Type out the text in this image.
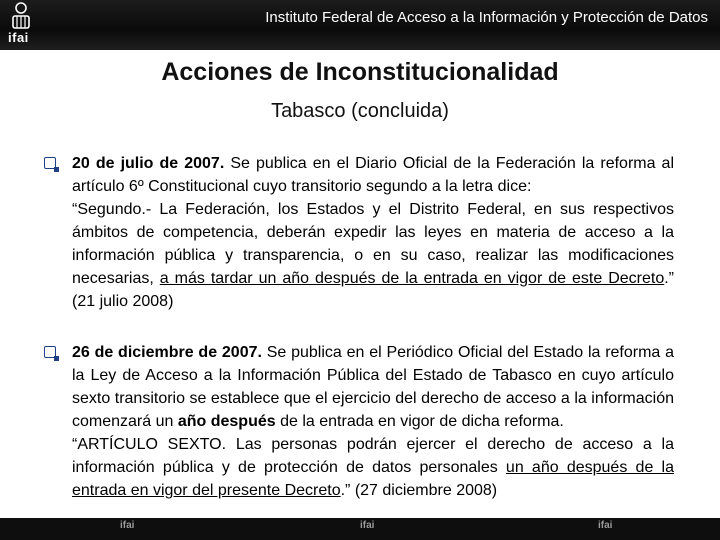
ifai
Instituto Federal de Acceso a la Información y Protección de Datos
Acciones de Inconstitucionalidad
Tabasco (concluida)

20 de julio de 2007. Se publica en el Diario Oficial de la Federación la reforma al artículo 6º Constitucional cuyo transitorio segundo a la letra dice:

“Segundo.- La Federación, los Estados y el Distrito Federal, en sus respectivos ámbitos de competencia, deberán expedir las leyes en materia de acceso a la información pública y transparencia, o en su caso, realizar las modificaciones necesarias, a más tardar un año después de la entrada en vigor de este Decreto.” (21 julio 2008)

26 de diciembre de 2007. Se publica en el Periódico Oficial del Estado la reforma a la Ley de Acceso a la Información Pública del Estado de Tabasco en cuyo artículo sexto transitorio se establece que el ejercicio del derecho de acceso a la información comenzará un año después de la entrada en vigor de dicha reforma.

“ARTÍCULO SEXTO. Las personas podrán ejercer el derecho de acceso a la información pública y de protección de datos personales un año después de la entrada en vigor del presente Decreto.” (27 diciembre 2008)

ifai	ifai	ifai
